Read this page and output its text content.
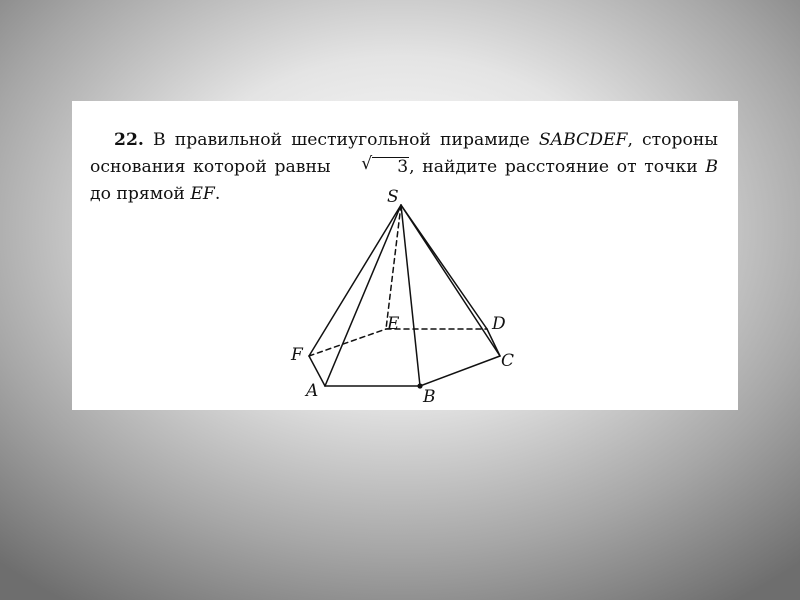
22. В правильной шестиугольной пирамиде SABCDEF, стороны основания которой равны	√ 3, найдите расстояние от точки B до прямой EF.	S
E	D
F	C
A	B
